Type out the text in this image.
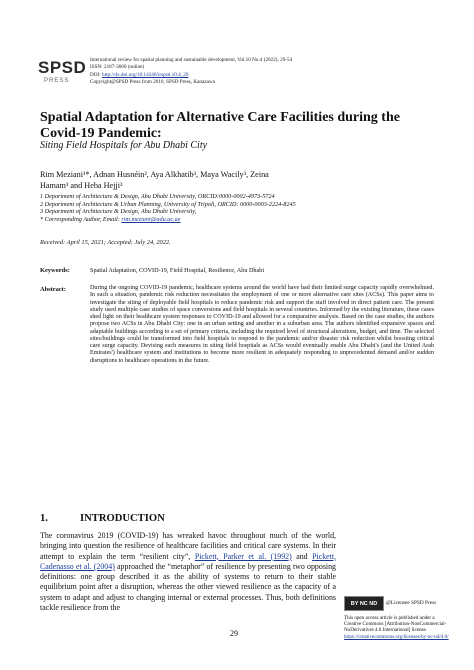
SPSD
PRESS
International review for spatial planning and sustainable development, Vol.10 No.4 (2022), 29-54
ISSN: 2187-3666 (online)
DOI: http://dx.doi.org/10.14246/irspsd.10.4_29
Copyright@SPSD Press from 2010, SPSD Press, Kanazawa
Spatial Adaptation for Alternative Care Facilities during the Covid-19 Pandemic:
Siting Field Hospitals for Abu Dhabi City
Rim Meziani¹*, Adnan Husnéin², Aya Alkhatib³, Maya Wacily³, Zeina
Hamam³ and Heba Hejji³
1 Department of Architecture & Design, Abu Dhabi University, ORCID:0000-0002-4973-5724
2 Department of Architecture & Urban Planning, University of Tripoli, ORCID: 0000-0003-2224-8245
3 Department of Architecture & Design, Abu Dhabi University,
* Corresponding Author, Email: rim.meziani@adu.ac.ae
Received: April 15, 2021; Accepted: July 24, 2022.
Keywords:	Spatial Adaptation, COVID-19, Field Hospital, Resilience, Abu Dhabi
Abstract:	During the ongoing COVID-19 pandemic, healthcare systems around the world have had their limited surge capacity rapidly overwhelmed. In such a situation, pandemic risk reduction necessitates the employment of one or more alternative care sites (ACSs). This paper aims to investigate the siting of deployable field hospitals to reduce pandemic risk and support the staff involved in direct patient care. The present study used multiple case studies of space conversions and field hospitals in several countries. Informed by the existing literature, these cases shed light on their healthcare system responses to COVID-19 and allowed for a comparative analysis. Based on the case studies, the authors propose two ACSs in Abu Dhabi City: one in an urban setting and another in a suburban area. The authors identified expansive spaces and adaptable buildings according to a set of primary criteria, including the required level of structural alterations, budget, and time. The selected sites/buildings could be transformed into field hospitals to respond to the pandemic and/or disaster risk reduction whilst boosting critical care surge capacity. Devising such measures in siting field hospitals as ACSs would eventually enable Abu Dhabi's (and the United Arab Emirates') healthcare system and institutions to become more resilient in adequately responding to unprecedented demand and/or sudden disruptions to healthcare operations in the future.

1.	INTRODUCTION

The coronavirus 2019 (COVID-19) has wreaked havoc throughout much of the world, bringing into question the resilience of healthcare facilities and critical care systems. In their attempt to explain the term “resilient city”, Pickett, Parker et al. (1992) and Pickett, Cadenasso et al. (2004) approached the “metaphor” of resilience by presenting two opposing definitions: one group described it as the ability of systems to return to their stable equilibrium point after a disruption, whereas the other viewed resilience as the capacity of a system to adapt and adjust to changing internal or external processes. Thus, both definitions tackle resilience from the

29
BY NC ND @Licensee SPSD Press
This open access article is published under a Creative Commons [Attribution-NonCommercial-NoDerivatives 4.0 International] license.
https://creativecommons.org/licenses/by-nc-nd/4.0/
